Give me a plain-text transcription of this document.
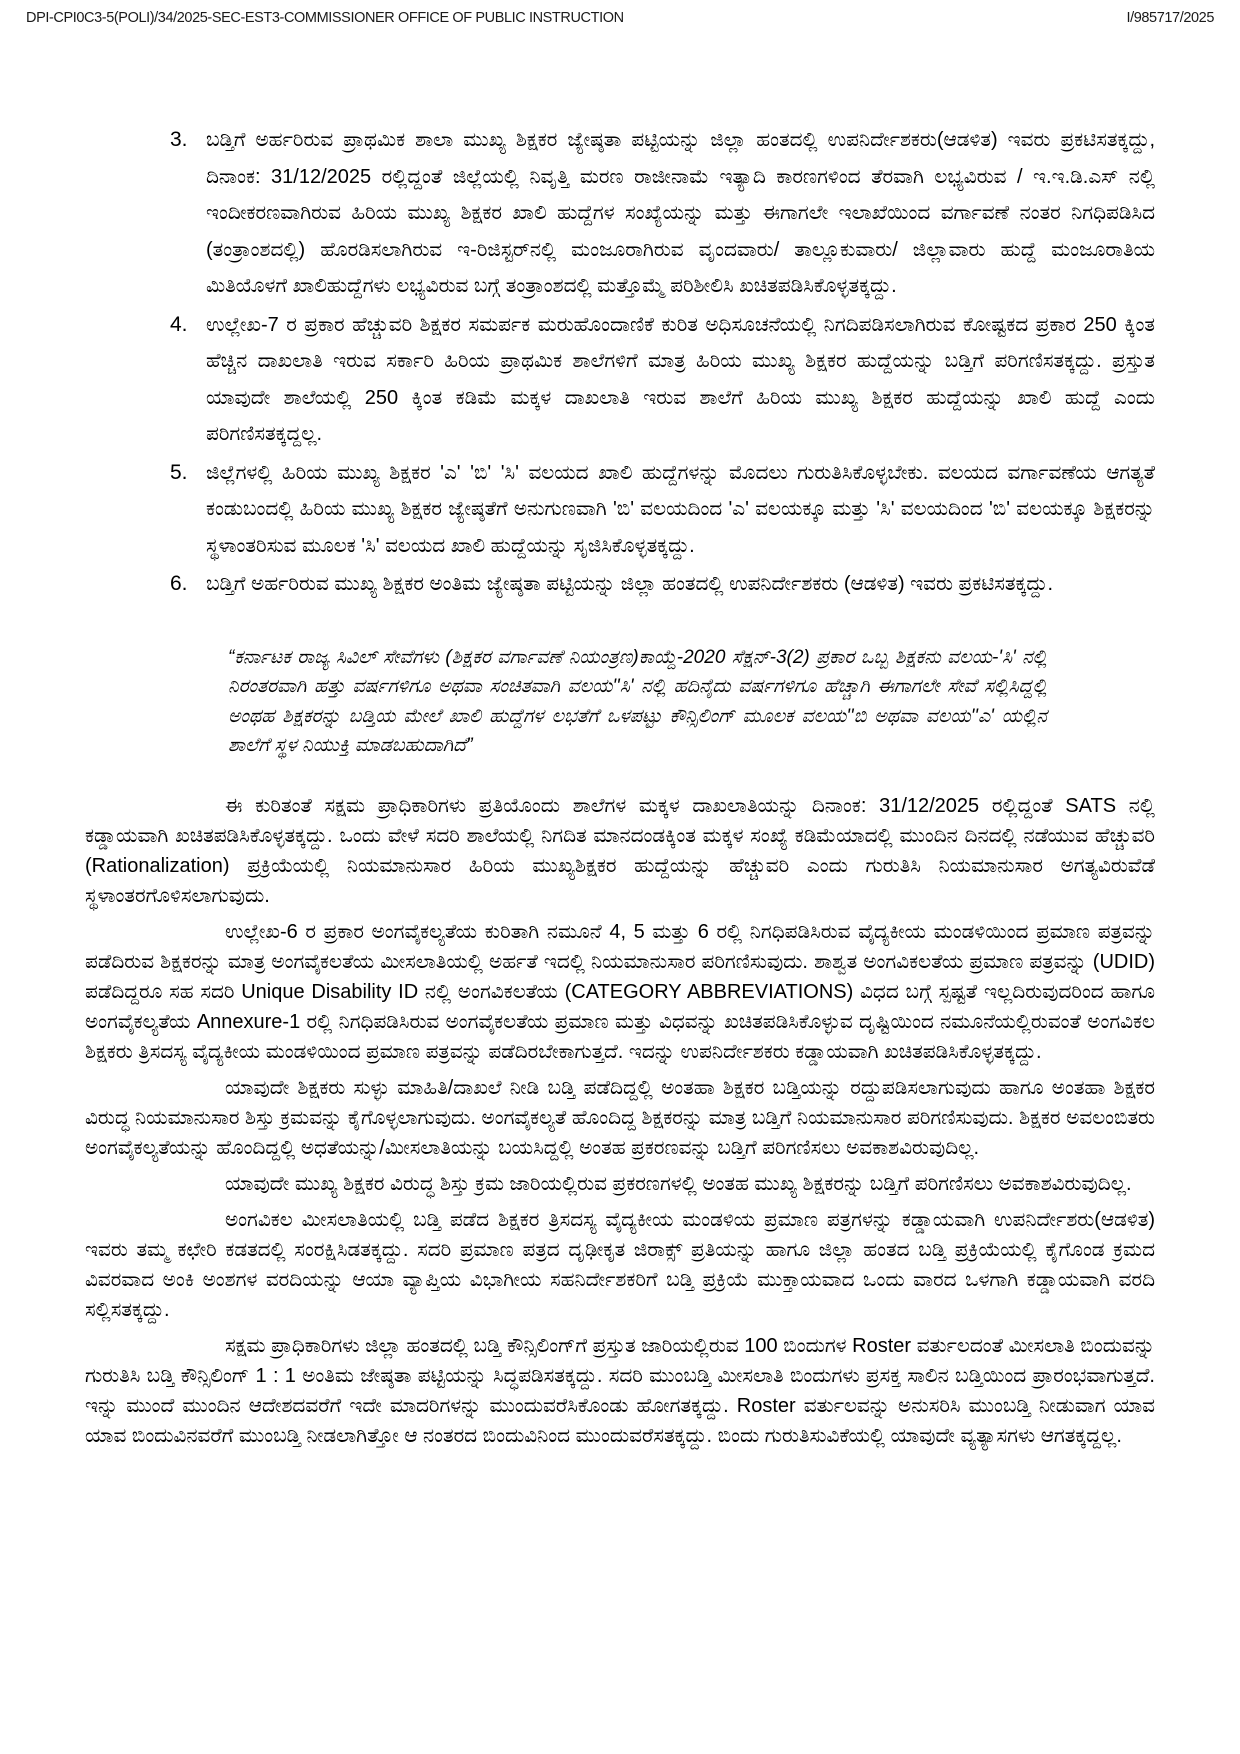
DPI-CPI0C3-5(POLI)/34/2025-SEC-EST3-COMMISSIONER OFFICE OF PUBLIC INSTRUCTION	I/985717/2025
3. ಬಡ್ತಿಗೆ ಅರ್ಹರಿರುವ ಪ್ರಾಥಮಿಕ ಶಾಲಾ ಮುಖ್ಯ ಶಿಕ್ಷಕರ ಜ್ಯೇಷ್ಠತಾ ಪಟ್ಟಿಯನ್ನು ಜಿಲ್ಲಾ ಹಂತದಲ್ಲಿ ಉಪನಿರ್ದೇಶಕರು(ಆಡಳಿತ) ಇವರು ಪ್ರಕಟಿಸತಕ್ಕದ್ದು, ದಿನಾಂಕ: 31/12/2025 ರಲ್ಲಿದ್ದಂತೆ ಜಿಲ್ಲೆಯಲ್ಲಿ ನಿವೃತ್ತಿ ಮರಣ ರಾಜೀನಾಮೆ ಇತ್ಯಾದಿ ಕಾರಣಗಳಿಂದ ತೆರವಾಗಿ ಲಭ್ಯವಿರುವ / ಇ.ಇ.ಡಿ.ಎಸ್ ನಲ್ಲಿ ಇಂದೀಕರಣವಾಗಿರುವ ಹಿರಿಯ ಮುಖ್ಯ ಶಿಕ್ಷಕರ ಖಾಲಿ ಹುದ್ದೆಗಳ ಸಂಖ್ಯೆಯನ್ನು ಮತ್ತು ಈಗಾಗಲೇ ಇಲಾಖೆಯಿಂದ ವರ್ಗಾವಣೆ ನಂತರ ನಿಗಧಿಪಡಿಸಿದ (ತಂತ್ರಾಂಶದಲ್ಲಿ) ಹೊರಡಿಸಲಾಗಿರುವ ಇ-ರಿಜಿಸ್ಟರ್‌ನಲ್ಲಿ ಮಂಜೂರಾಗಿರುವ ವೃಂದವಾರು/ ತಾಲ್ಲೂಕುವಾರು/ ಜಿಲ್ಲಾವಾರು ಹುದ್ದೆ ಮಂಜೂರಾತಿಯ ಮಿತಿಯೊಳಗೆ ಖಾಲಿಹುದ್ದೆಗಳು ಲಭ್ಯವಿರುವ ಬಗ್ಗೆ ತಂತ್ರಾಂಶದಲ್ಲಿ ಮತ್ತೊಮ್ಮೆ ಪರಿಶೀಲಿಸಿ ಖಚಿತಪಡಿಸಿಕೊಳ್ಳತಕ್ಕದ್ದು.
4. ಉಲ್ಲೇಖ-7 ರ ಪ್ರಕಾರ ಹೆಚ್ಚುವರಿ ಶಿಕ್ಷಕರ ಸಮರ್ಪಕ ಮರುಹೊಂದಾಣಿಕೆ ಕುರಿತ ಅಧಿಸೂಚನೆಯಲ್ಲಿ ನಿಗದಿಪಡಿಸಲಾಗಿರುವ ಕೋಷ್ಟಕದ ಪ್ರಕಾರ 250 ಕ್ಕಿಂತ ಹೆಚ್ಚಿನ ದಾಖಲಾತಿ ಇರುವ ಸರ್ಕಾರಿ ಹಿರಿಯ ಪ್ರಾಥಮಿಕ ಶಾಲೆಗಳಿಗೆ ಮಾತ್ರ ಹಿರಿಯ ಮುಖ್ಯ ಶಿಕ್ಷಕರ ಹುದ್ದೆಯನ್ನು ಬಡ್ತಿಗೆ ಪರಿಗಣಿಸತಕ್ಕದ್ದು. ಪ್ರಸ್ತುತ ಯಾವುದೇ ಶಾಲೆಯಲ್ಲಿ 250 ಕ್ಕಿಂತ ಕಡಿಮೆ ಮಕ್ಕಳ ದಾಖಲಾತಿ ಇರುವ ಶಾಲೆಗೆ ಹಿರಿಯ ಮುಖ್ಯ ಶಿಕ್ಷಕರ ಹುದ್ದೆಯನ್ನು ಖಾಲಿ ಹುದ್ದೆ ಎಂದು ಪರಿಗಣಿಸತಕ್ಕದ್ದಲ್ಲ.
5. ಜಿಲ್ಲೆಗಳಲ್ಲಿ ಹಿರಿಯ ಮುಖ್ಯ ಶಿಕ್ಷಕರ 'ಎ' 'ಬಿ' 'ಸಿ' ವಲಯದ ಖಾಲಿ ಹುದ್ದೆಗಳನ್ನು ಮೊದಲು ಗುರುತಿಸಿಕೊಳ್ಳಬೇಕು. ವಲಯದ ವರ್ಗಾವಣೆಯ ಆಗತ್ಯತೆ ಕಂಡುಬಂದಲ್ಲಿ ಹಿರಿಯ ಮುಖ್ಯ ಶಿಕ್ಷಕರ ಜ್ಯೇಷ್ಠತೆಗೆ ಅನುಗುಣವಾಗಿ 'ಬಿ' ವಲಯದಿಂದ 'ಎ' ವಲಯಕ್ಕೂ ಮತ್ತು 'ಸಿ' ವಲಯದಿಂದ 'ಬಿ' ವಲಯಕ್ಕೂ ಶಿಕ್ಷಕರನ್ನು ಸ್ಥಳಾಂತರಿಸುವ ಮೂಲಕ 'ಸಿ' ವಲಯದ ಖಾಲಿ ಹುದ್ದೆಯನ್ನು ಸೃಜಿಸಿಕೊಳ್ಳತಕ್ಕದ್ದು.
6. ಬಡ್ತಿಗೆ ಅರ್ಹರಿರುವ ಮುಖ್ಯ ಶಿಕ್ಷಕರ ಅಂತಿಮ ಜ್ಯೇಷ್ಠತಾ ಪಟ್ಟಿಯನ್ನು ಜಿಲ್ಲಾ ಹಂತದಲ್ಲಿ ಉಪನಿರ್ದೇಶಕರು (ಆಡಳಿತ) ಇವರು ಪ್ರಕಟಿಸತಕ್ಕದ್ದು.
“ಕರ್ನಾಟಕ ರಾಜ್ಯ ಸಿವಿಲ್ ಸೇವೆಗಳು (ಶಿಕ್ಷಕರ ವರ್ಗಾವಣೆ ನಿಯಂತ್ರಣ)ಕಾಯ್ದೆ-2020 ಸೆಕ್ಷನ್-3(2) ಪ್ರಕಾರ ಒಬ್ಬ ಶಿಕ್ಷಕನು ವಲಯ-'ಸಿ' ನಲ್ಲಿ ನಿರಂತರವಾಗಿ ಹತ್ತು ವರ್ಷಗಳಿಗೂ ಅಥವಾ ಸಂಚಿತವಾಗಿ ವಲಯ''ಸಿ' ನಲ್ಲಿ ಹದಿನೈದು ವರ್ಷಗಳಿಗೂ ಹೆಚ್ಚಾಗಿ ಈಗಾಗಲೇ ಸೇವೆ ಸಲ್ಲಿಸಿದ್ದಲ್ಲಿ ಅಂಥಹ ಶಿಕ್ಷಕರನ್ನು ಬಡ್ತಿಯ ಮೇಲೆ ಖಾಲಿ ಹುದ್ದೆಗಳ ಲಭತೆಗೆ ಒಳಪಟ್ಟು ಕೌನ್ಸಿಲಿಂಗ್ ಮೂಲಕ ವಲಯ''ಬಿ ಅಥವಾ ವಲಯ''ಎ' ಯಲ್ಲಿನ ಶಾಲೆಗೆ ಸ್ಥಳ ನಿಯುಕ್ತಿ ಮಾಡಬಹುದಾಗಿದೆ”

ಈ ಕುರಿತಂತೆ ಸಕ್ಷಮ ಪ್ರಾಧಿಕಾರಿಗಳು ಪ್ರತಿಯೊಂದು ಶಾಲೆಗಳ ಮಕ್ಕಳ ದಾಖಲಾತಿಯನ್ನು ದಿನಾಂಕ: 31/12/2025 ರಲ್ಲಿದ್ದಂತೆ SATS ನಲ್ಲಿ ಕಡ್ಡಾಯವಾಗಿ ಖಚಿತಪಡಿಸಿಕೊಳ್ಳತಕ್ಕದ್ದು. ಒಂದು ವೇಳೆ ಸದರಿ ಶಾಲೆಯಲ್ಲಿ ನಿಗದಿತ ಮಾನದಂಡಕ್ಕಿಂತ ಮಕ್ಕಳ ಸಂಖ್ಯೆ ಕಡಿಮೆಯಾದಲ್ಲಿ ಮುಂದಿನ ದಿನದಲ್ಲಿ ನಡೆಯುವ ಹೆಚ್ಚುವರಿ (Rationalization) ಪ್ರಕ್ರಿಯೆಯಲ್ಲಿ ನಿಯಮಾನುಸಾರ ಹಿರಿಯ ಮುಖ್ಯಶಿಕ್ಷಕರ ಹುದ್ದೆಯನ್ನು ಹೆಚ್ಚುವರಿ ಎಂದು ಗುರುತಿಸಿ ನಿಯಮಾನುಸಾರ ಅಗತ್ಯವಿರುವೆಡೆ ಸ್ಥಳಾಂತರಗೊಳಿಸಲಾಗುವುದು.

ಉಲ್ಲೇಖ-6 ರ ಪ್ರಕಾರ ಅಂಗವೈಕಲ್ಯತೆಯ ಕುರಿತಾಗಿ ನಮೂನೆ 4, 5 ಮತ್ತು 6 ರಲ್ಲಿ ನಿಗಧಿಪಡಿಸಿರುವ ವೈದ್ಯಕೀಯ ಮಂಡಳಿಯಿಂದ ಪ್ರಮಾಣ ಪತ್ರವನ್ನು ಪಡೆದಿರುವ ಶಿಕ್ಷಕರನ್ನು ಮಾತ್ರ ಅಂಗವೈಕಲತೆಯ ಮೀಸಲಾತಿಯಲ್ಲಿ ಅರ್ಹತೆ ಇದಲ್ಲಿ ನಿಯಮಾನುಸಾರ ಪರಿಗಣಿಸುವುದು. ಶಾಶ್ವತ ಅಂಗವಿಕಲತೆಯ ಪ್ರಮಾಣ ಪತ್ರವನ್ನು (UDID) ಪಡೆದಿದ್ದರೂ ಸಹ ಸದರಿ Unique Disability ID ನಲ್ಲಿ ಅಂಗವಿಕಲತೆಯ (CATEGORY ABBREVIATIONS) ವಿಧದ ಬಗ್ಗೆ ಸ್ಪಷ್ಟತೆ ಇಲ್ಲದಿರುವುದರಿಂದ ಹಾಗೂ ಅಂಗವೈಕಲ್ಯತೆಯ Annexure-1 ರಲ್ಲಿ ನಿಗಧಿಪಡಿಸಿರುವ ಅಂಗವೈಕಲತೆಯ ಪ್ರಮಾಣ ಮತ್ತು ವಿಧವನ್ನು ಖಚಿತಪಡಿಸಿಕೊಳ್ಳುವ ದೃಷ್ಟಿಯಿಂದ ನಮೂನೆಯಲ್ಲಿರುವಂತೆ ಅಂಗವಿಕಲ ಶಿಕ್ಷಕರು ತ್ರಿಸದಸ್ಯ ವೈದ್ಯಕೀಯ ಮಂಡಳಿಯಿಂದ ಪ್ರಮಾಣ ಪತ್ರವನ್ನು ಪಡೆದಿರಬೇಕಾಗುತ್ತದೆ. ಇದನ್ನು ಉಪನಿರ್ದೇಶಕರು ಕಡ್ಡಾಯವಾಗಿ ಖಚಿತಪಡಿಸಿಕೊಳ್ಳತಕ್ಕದ್ದು.

ಯಾವುದೇ ಶಿಕ್ಷಕರು ಸುಳ್ಳು ಮಾಹಿತಿ/ದಾಖಲೆ ನೀಡಿ ಬಡ್ತಿ ಪಡೆದಿದ್ದಲ್ಲಿ ಅಂತಹಾ ಶಿಕ್ಷಕರ ಬಡ್ತಿಯನ್ನು ರದ್ದುಪಡಿಸಲಾಗುವುದು ಹಾಗೂ ಅಂತಹಾ ಶಿಕ್ಷಕರ ವಿರುದ್ಧ ನಿಯಮಾನುಸಾರ ಶಿಸ್ತು ಕ್ರಮವನ್ನು ಕೈಗೊಳ್ಳಲಾಗುವುದು. ಅಂಗವೈಕಲ್ಯತೆ ಹೊಂದಿದ್ದ ಶಿಕ್ಷಕರನ್ನು ಮಾತ್ರ ಬಡ್ತಿಗೆ ನಿಯಮಾನುಸಾರ ಪರಿಗಣಿಸುವುದು. ಶಿಕ್ಷಕರ ಅವಲಂಬಿತರು ಅಂಗವೈಕಲ್ಯತೆಯನ್ನು ಹೊಂದಿದ್ದಲ್ಲಿ ಅಧತೆಯನ್ನು/ಮೀಸಲಾತಿಯನ್ನು ಬಯಸಿದ್ದಲ್ಲಿ ಅಂತಹ ಪ್ರಕರಣವನ್ನು ಬಡ್ತಿಗೆ ಪರಿಗಣಿಸಲು ಅವಕಾಶವಿರುವುದಿಲ್ಲ.

ಯಾವುದೇ ಮುಖ್ಯ ಶಿಕ್ಷಕರ ವಿರುದ್ಧ ಶಿಸ್ತು ಕ್ರಮ ಜಾರಿಯಲ್ಲಿರುವ ಪ್ರಕರಣಗಳಲ್ಲಿ ಅಂತಹ ಮುಖ್ಯ ಶಿಕ್ಷಕರನ್ನು ಬಡ್ತಿಗೆ ಪರಿಗಣಿಸಲು ಅವಕಾಶವಿರುವುದಿಲ್ಲ.

ಅಂಗವಿಕಲ ಮೀಸಲಾತಿಯಲ್ಲಿ ಬಡ್ತಿ ಪಡೆದ ಶಿಕ್ಷಕರ ತ್ರಿಸದಸ್ಯ ವೈದ್ಯಕೀಯ ಮಂಡಳಿಯ ಪ್ರಮಾಣ ಪತ್ರಗಳನ್ನು ಕಡ್ಡಾಯವಾಗಿ ಉಪನಿರ್ದೇಶರು(ಆಡಳಿತ) ಇವರು ತಮ್ಮ ಕಛೇರಿ ಕಡತದಲ್ಲಿ ಸಂರಕ್ಷಿಸಿಡತಕ್ಕದ್ದು. ಸದರಿ ಪ್ರಮಾಣ ಪತ್ರದ ದೃಢೀಕೃತ ಜಿರಾಕ್ಸ್ ಪ್ರತಿಯನ್ನು ಹಾಗೂ ಜಿಲ್ಲಾ ಹಂತದ ಬಡ್ತಿ ಪ್ರಕ್ರಿಯೆಯಲ್ಲಿ ಕೈಗೊಂಡ ಕ್ರಮದ ವಿವರವಾದ ಅಂಕಿ ಅಂಶಗಳ ವರದಿಯನ್ನು ಆಯಾ ವ್ಯಾಪ್ತಿಯ ವಿಭಾಗೀಯ ಸಹನಿರ್ದೇಶಕರಿಗೆ ಬಡ್ತಿ ಪ್ರಕ್ರಿಯೆ ಮುಕ್ತಾಯವಾದ ಒಂದು ವಾರದ ಒಳಗಾಗಿ ಕಡ್ಡಾಯವಾಗಿ ವರದಿ ಸಲ್ಲಿಸತಕ್ಕದ್ದು.

ಸಕ್ಷಮ ಪ್ರಾಧಿಕಾರಿಗಳು ಜಿಲ್ಲಾ ಹಂತದಲ್ಲಿ ಬಡ್ತಿ ಕೌನ್ಸಿಲಿಂಗ್‌ಗೆ ಪ್ರಸ್ತುತ ಜಾರಿಯಲ್ಲಿರುವ 100 ಬಿಂದುಗಳ Roster ವರ್ತುಲದಂತೆ ಮೀಸಲಾತಿ ಬಿಂದುವನ್ನು ಗುರುತಿಸಿ ಬಡ್ತಿ ಕೌನ್ಸಿಲಿಂಗ್ 1 : 1 ಅಂತಿಮ ಜೇಷ್ಠತಾ ಪಟ್ಟಿಯನ್ನು ಸಿದ್ಧಪಡಿಸತಕ್ಕದ್ದು. ಸದರಿ ಮುಂಬಡ್ತಿ ಮೀಸಲಾತಿ ಬಿಂದುಗಳು ಪ್ರಸಕ್ತ ಸಾಲಿನ ಬಡ್ತಿಯಿಂದ ಪ್ರಾರಂಭವಾಗುತ್ತದೆ. ಇನ್ನು ಮುಂದೆ ಮುಂದಿನ ಆದೇಶದವರೆಗೆ ಇದೇ ಮಾದರಿಗಳನ್ನು ಮುಂದುವರೆಸಿಕೊಂಡು ಹೋಗತಕ್ಕದ್ದು. Roster ವರ್ತುಲವನ್ನು ಅನುಸರಿಸಿ ಮುಂಬಡ್ತಿ ನೀಡುವಾಗ ಯಾವ ಯಾವ ಬಿಂದುವಿನವರೆಗೆ ಮುಂಬಡ್ತಿ ನೀಡಲಾಗಿತ್ತೋ ಆ ನಂತರದ ಬಿಂದುವಿನಿಂದ ಮುಂದುವರೆಸತಕ್ಕದ್ದು. ಬಿಂದು ಗುರುತಿಸುವಿಕೆಯಲ್ಲಿ ಯಾವುದೇ ವ್ಯತ್ಯಾಸಗಳು ಆಗತಕ್ಕದ್ದಲ್ಲ.
